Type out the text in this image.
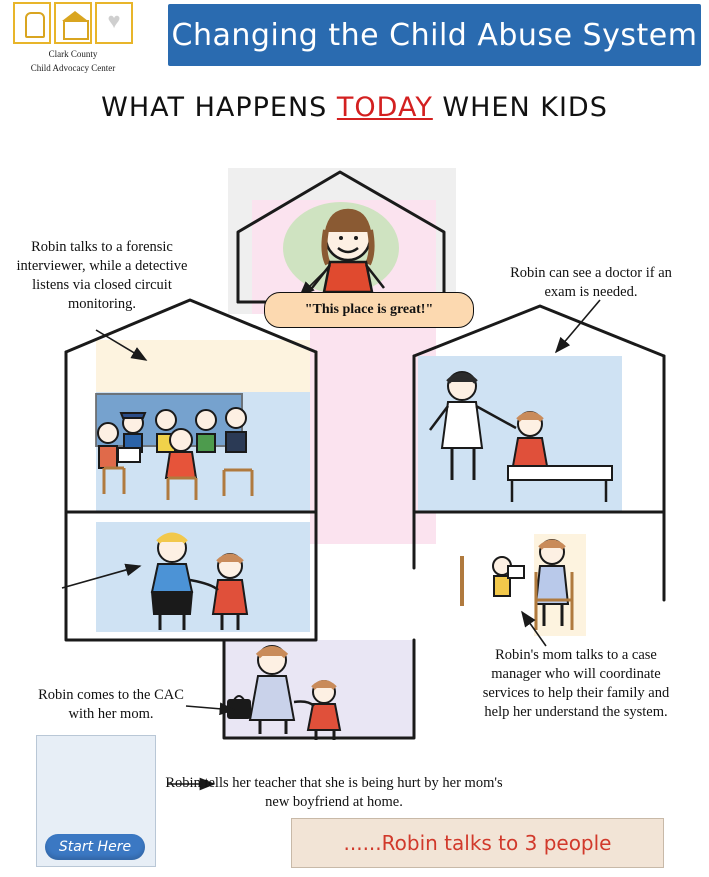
♥
Clark County
Child Advocacy Center
Changing the Child Abuse System
WHAT HAPPENS TODAY WHEN KIDS
"This place is great!"
Robin talks to a forensic interviewer, while a detective listens via closed circuit monitoring.
Robin can see a doctor if an exam is needed.
Robin's mom talks to a case manager who will coordinate services to help their family and help her understand the system.
Robin comes to the CAC with her mom.
Robin tells her teacher that she is being hurt by her mom's new boyfriend at home.
Start Here	......Robin talks to 3 people
